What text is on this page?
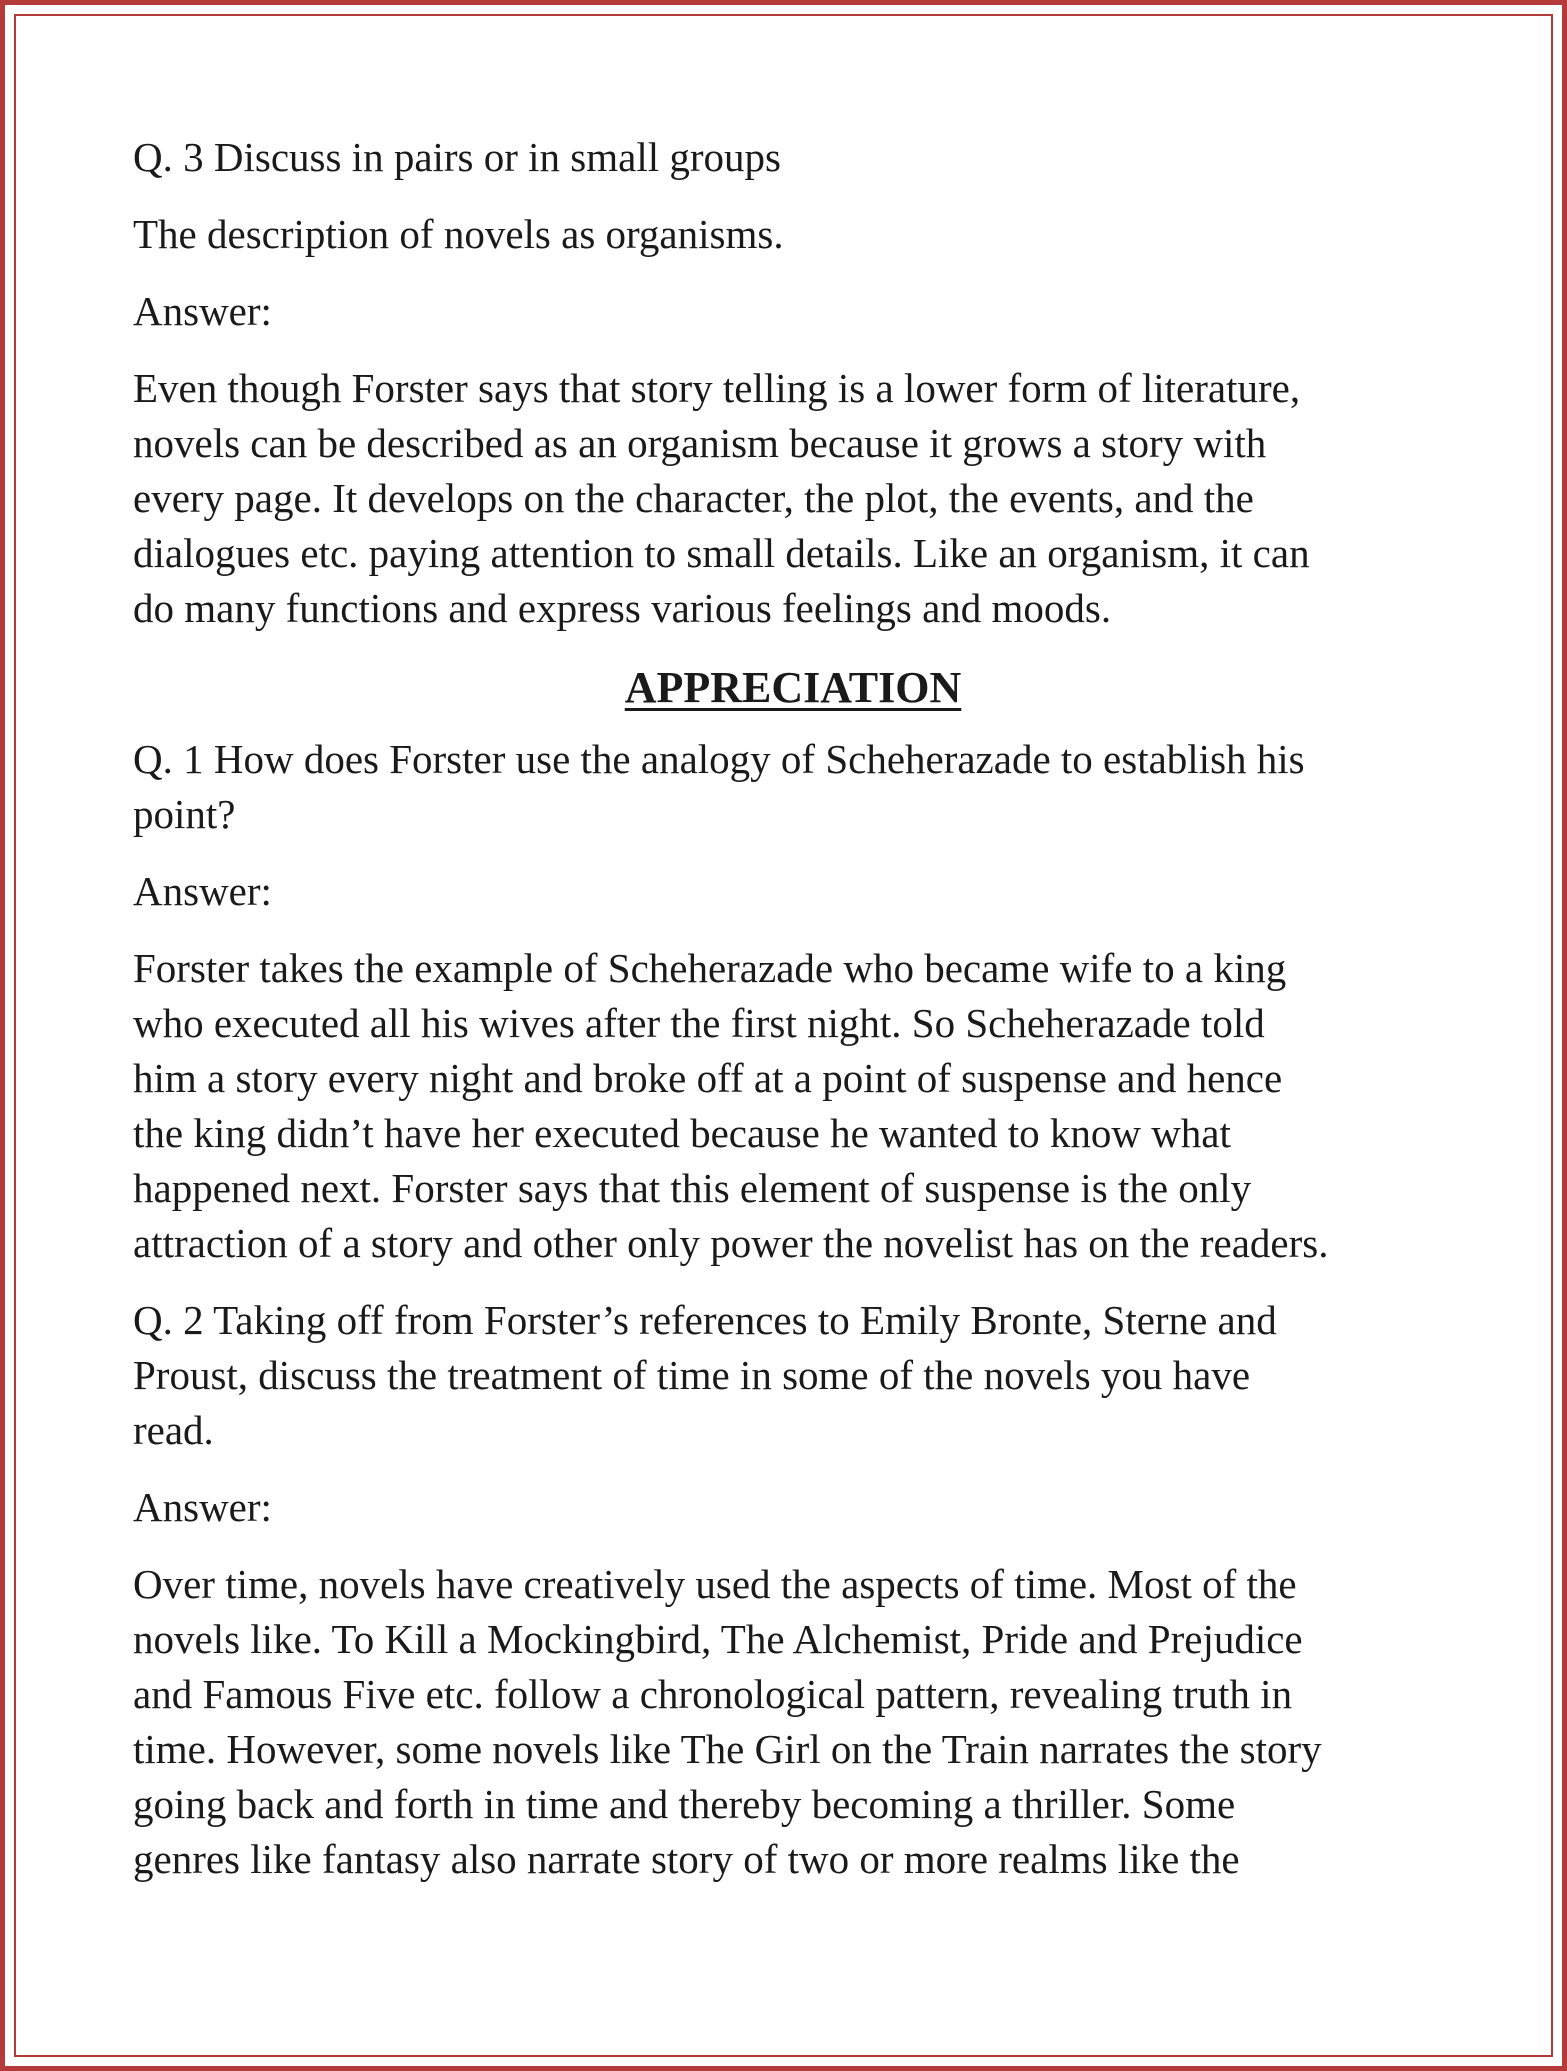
Q. 3 Discuss in pairs or in small groups

The description of novels as organisms.

Answer:

Even though Forster says that story telling is a lower form of literature,
novels can be described as an organism because it grows a story with
every page. It develops on the character, the plot, the events, and the
dialogues etc. paying attention to small details. Like an organism, it can
do many functions and express various feelings and moods.

APPRECIATION

Q. 1 How does Forster use the analogy of Scheherazade to establish his
point?

Answer:

Forster takes the example of Scheherazade who became wife to a king
who executed all his wives after the first night. So Scheherazade told
him a story every night and broke off at a point of suspense and hence
the king didn’t have her executed because he wanted to know what
happened next. Forster says that this element of suspense is the only
attraction of a story and other only power the novelist has on the readers.

Q. 2 Taking off from Forster’s references to Emily Bronte, Sterne and
Proust, discuss the treatment of time in some of the novels you have
read.

Answer:

Over time, novels have creatively used the aspects of time. Most of the
novels like. To Kill a Mockingbird, The Alchemist, Pride and Prejudice
and Famous Five etc. follow a chronological pattern, revealing truth in
time. However, some novels like The Girl on the Train narrates the story
going back and forth in time and thereby becoming a thriller. Some
genres like fantasy also narrate story of two or more realms like the
